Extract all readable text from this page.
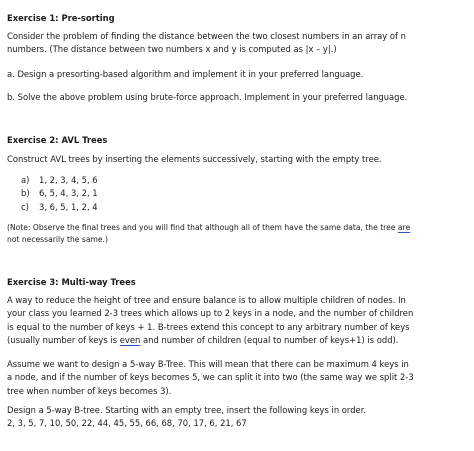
Exercise 1: Pre-sorting
Consider the problem of finding the distance between the two closest numbers in an array of n
numbers. (The distance between two numbers x and y is computed as |x – y|.)
a. Design a presorting-based algorithm and implement it in your preferred language.
b. Solve the above problem using brute-force approach. Implement in your preferred language.
Exercise 2: AVL Trees
Construct AVL trees by inserting the elements successively, starting with the empty tree.
a) 1, 2, 3, 4, 5, 6
b) 6, 5, 4, 3, 2, 1
c) 3, 6, 5, 1, 2, 4
(Note: Observe the final trees and you will find that although all of them have the same data, the tree are
not necessarily the same.)
Exercise 3: Multi-way Trees
A way to reduce the height of tree and ensure balance is to allow multiple children of nodes. In
your class you learned 2-3 trees which allows up to 2 keys in a node, and the number of children
is equal to the number of keys + 1. B-trees extend this concept to any arbitrary number of keys
(usually number of keys is even and number of children (equal to number of keys+1) is odd).
Assume we want to design a 5-way B-Tree. This will mean that there can be maximum 4 keys in
a node, and if the number of keys becomes 5, we can split it into two (the same way we split 2-3
tree when number of keys becomes 3).
Design a 5-way B-tree. Starting with an empty tree, insert the following keys in order.
2, 3, 5, 7, 10, 50, 22, 44, 45, 55, 66, 68, 70, 17, 6, 21, 67
